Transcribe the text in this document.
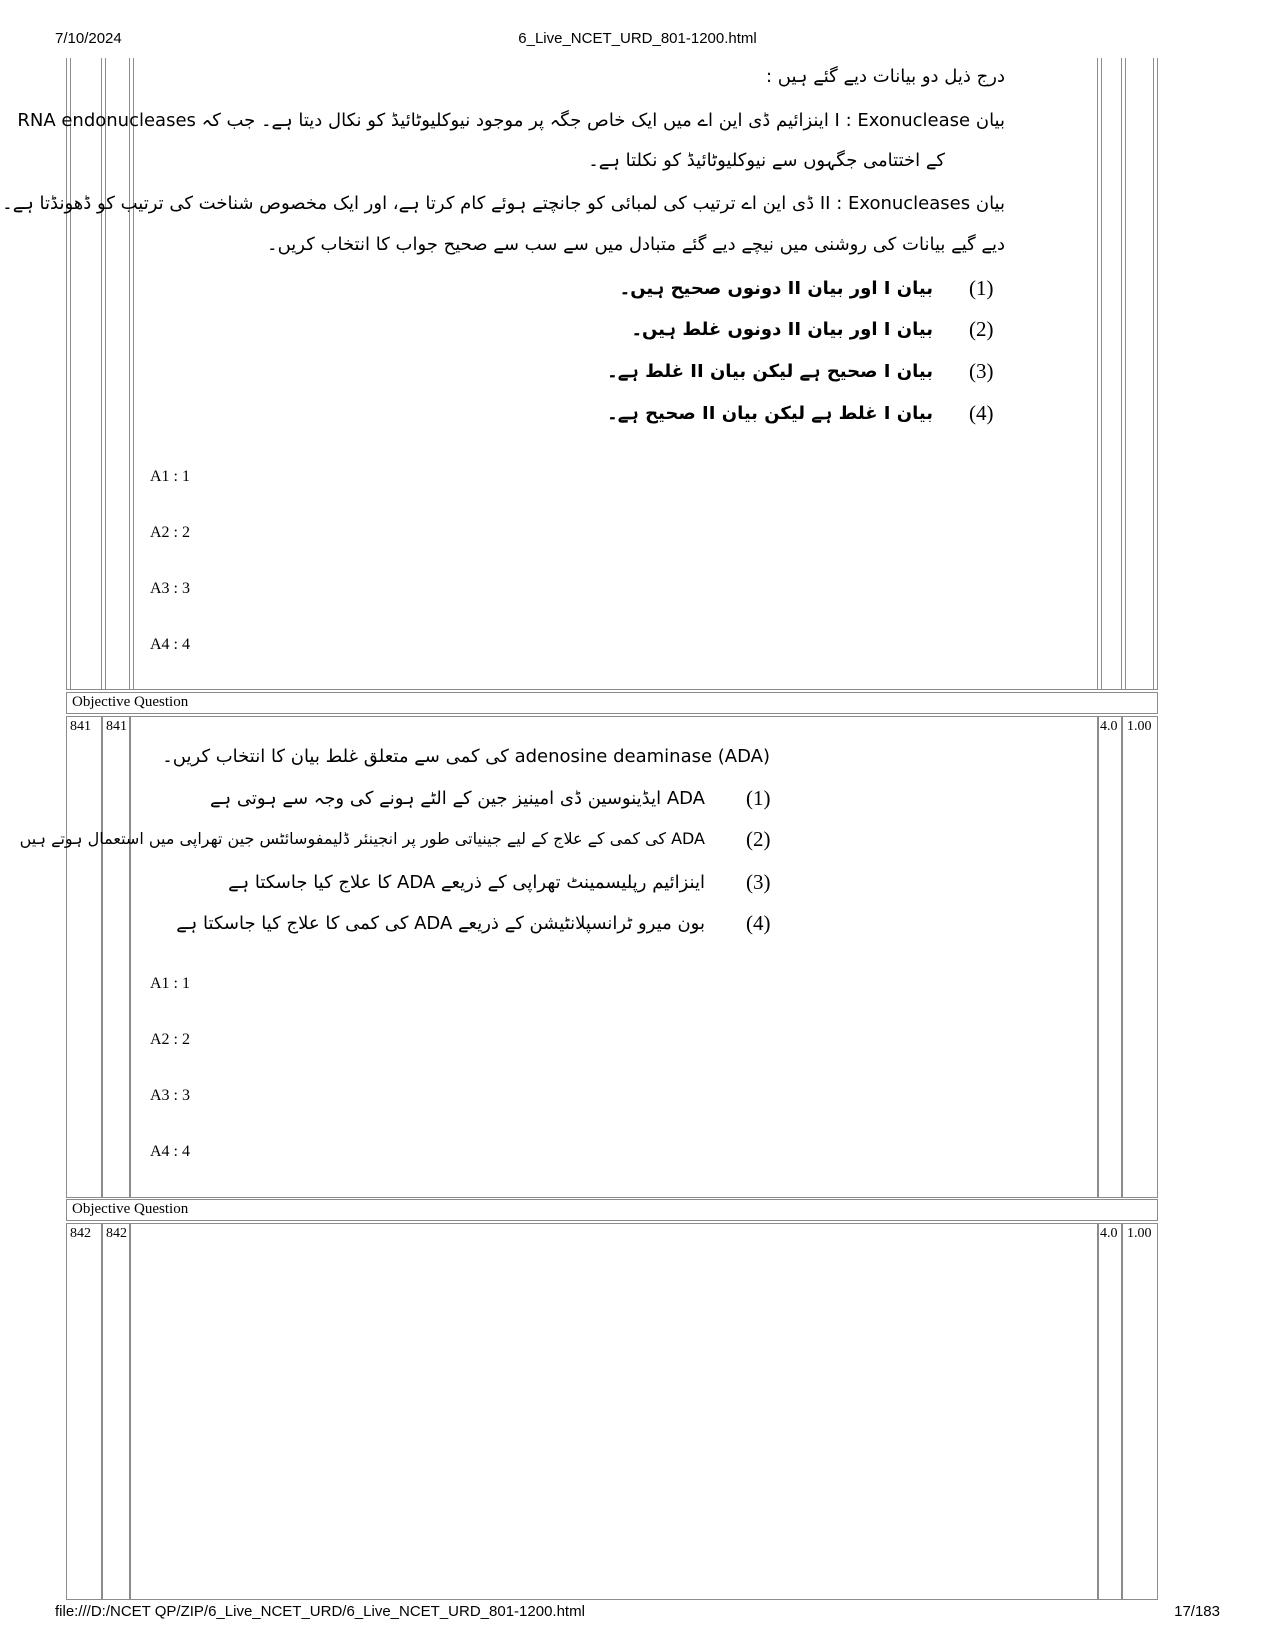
7/10/2024	6_Live_NCET_URD_801-1200.html
file:///D:/NCET QP/ZIP/6_Live_NCET_URD/6_Live_NCET_URD_801-1200.html	17/183
درج ذیل دو بیانات دیے گئے ہیں :
بیان I : Exonuclease اینزائیم ڈی این اے میں ایک خاص جگہ پر موجود نیوکلیوٹائیڈ کو نکال دیتا ہے۔ جب کہ RNA endonucleases
کے اختتامی جگہوں سے نیوکلیوٹائیڈ کو نکلتا ہے۔
بیان II : Exonucleases ڈی این اے ترتیب کی لمبائی کو جانچتے ہوئے کام کرتا ہے، اور ایک مخصوص شناخت کی ترتیب کو ڈھونڈتا ہے۔
دیے گیے بیانات کی روشنی میں نیچے دیے گئے متبادل میں سے سب سے صحیح جواب کا انتخاب کریں۔
(1)
بیان I اور بیان II دونوں صحیح ہیں۔
(2)
بیان I اور بیان II دونوں غلط ہیں۔
(3)
بیان I صحیح ہے لیکن بیان II غلط ہے۔
(4)
بیان I غلط ہے لیکن بیان II صحیح ہے۔
A1 : 1
A2 : 2
A3 : 3
A4 : 4
Objective Question
841 841	4.0 1.00
adenosine deaminase (ADA) کی کمی سے متعلق غلط بیان کا انتخاب کریں۔
(1)
ADA ایڈینوسین ڈی امینیز جین کے الٹے ہونے کی وجہ سے ہوتی ہے
(2)
ADA کی کمی کے علاج کے لیے جینیاتی طور پر انجینئر ڈلیمفوسائٹس جین تھراپی میں استعمال ہوتے ہیں
(3)
اینزائیم رپلیسمینٹ تھراپی کے ذریعے ADA کا علاج کیا جاسکتا ہے
(4)
بون میرو ٹرانسپلانٹیشن کے ذریعے ADA کی کمی کا علاج کیا جاسکتا ہے
A1 : 1
A2 : 2
A3 : 3
A4 : 4
Objective Question
842 842	4.0 1.00
